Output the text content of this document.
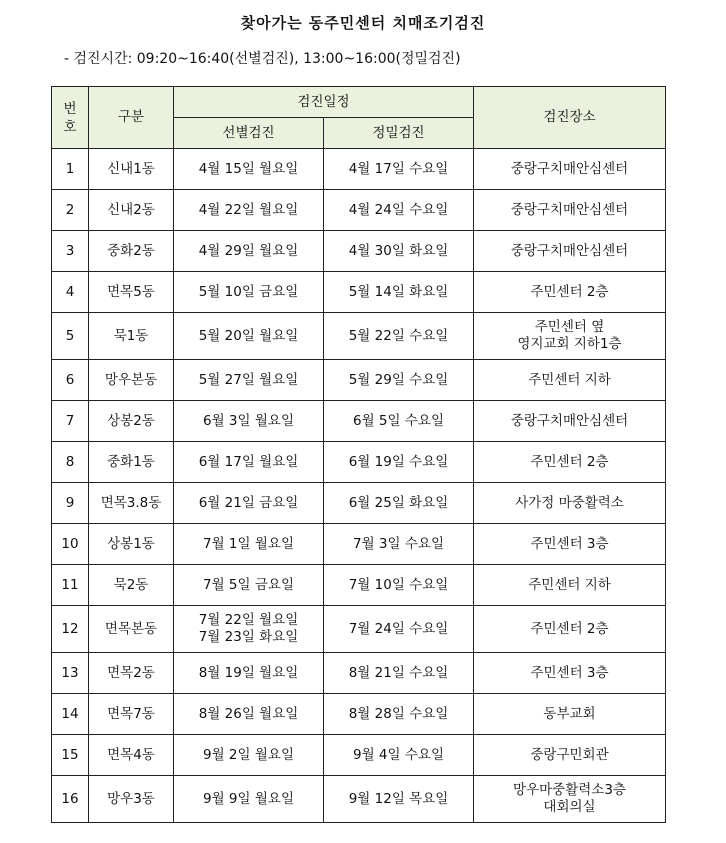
찾아가는 동주민센터 치매조기검진
- 검진시간: 09:20~16:40(선별검진), 13:00~16:00(정밀검진)
번
호	구분	검진일정		검진장소
		선별검진	정밀검진	
1	신내1동	4월 15일 월요일	4월 17일 수요일	중랑구치매안심센터
2	신내2동	4월 22일 월요일	4월 24일 수요일	중랑구치매안심센터
3	중화2동	4월 29일 월요일	4월 30일 화요일	중랑구치매안심센터
4	면목5동	5월 10일 금요일	5월 14일 화요일	주민센터 2층
5	묵1동	5월 20일 월요일	5월 22일 수요일	주민센터 옆
영지교회 지하1층
6	망우본동	5월 27일 월요일	5월 29일 수요일	주민센터 지하
7	상봉2동	6월 3일 월요일	6월 5일 수요일	중랑구치매안심센터
8	중화1동	6월 17일 월요일	6월 19일 수요일	주민센터 2층
9	면목3.8동	6월 21일 금요일	6월 25일 화요일	사가정 마중활력소
10	상봉1동	7월 1일 월요일	7월 3일 수요일	주민센터 3층
11	묵2동	7월 5일 금요일	7월 10일 수요일	주민센터 지하
12	면목본동	7월 22일 월요일
7월 23일 화요일	7월 24일 수요일	주민센터 2층
13	면목2동	8월 19일 월요일	8월 21일 수요일	주민센터 3층
14	면목7동	8월 26일 월요일	8월 28일 수요일	동부교회
15	면목4동	9월 2일 월요일	9월 4일 수요일	중랑구민회관
16	망우3동	9월 9일 월요일	9월 12일 목요일	망우마중활력소3층
대회의실
